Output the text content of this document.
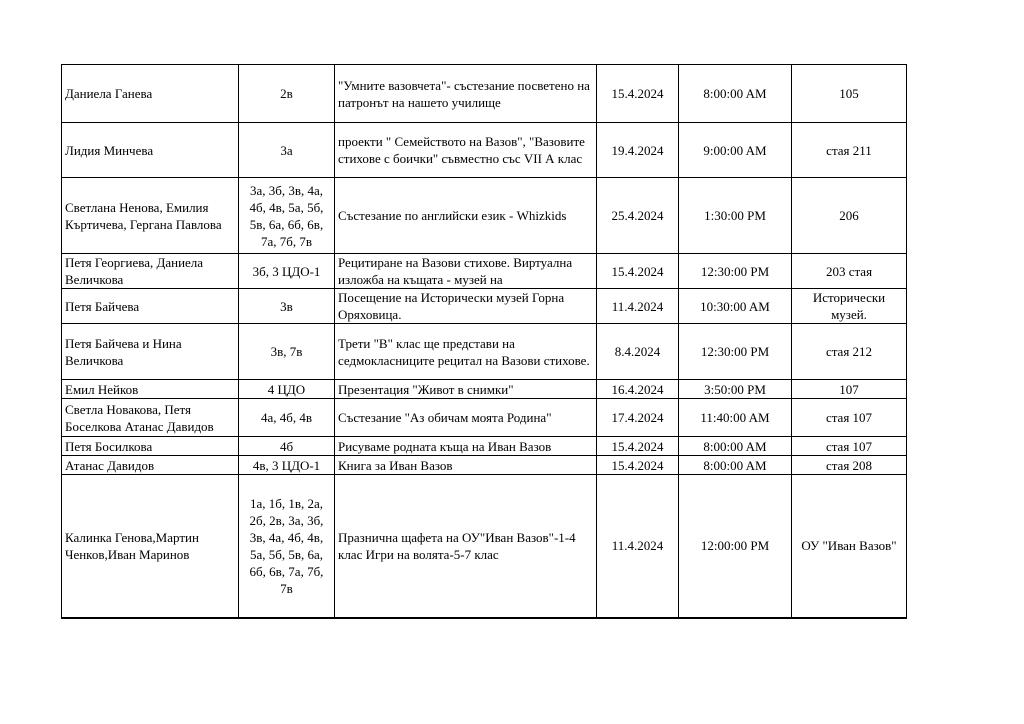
Даниела Ганева	2в	"Умните вазовчета"- състезание посветено на патронът на нашето училище	15.4.2024	8:00:00 AM	105
Лидия Минчева	3а	проекти " Семейството на Вазов", "Вазовите стихове с боички" съвместно със VII А клас	19.4.2024	9:00:00 AM	стая 211
Светлана Ненова, Емилия Къртичева, Гергана Павлова	3а, 3б, 3в, 4а, 4б, 4в, 5а, 5б, 5в, 6а, 6б, 6в, 7а, 7б, 7в	Състезание по английски език - Whizkids	25.4.2024	1:30:00 PM	206
Петя Георгиева, Даниела Величкова	3б, 3 ЦДО-1	Рецитиране на Вазови стихове. Виртуална изложба на къщата - музей на	15.4.2024	12:30:00 PM	203 стая
Петя Байчева	3в	Посещение на Исторически музей Горна Оряховица.	11.4.2024	10:30:00 AM	Исторически музей.
Петя Байчева и Нина Величкова	3в, 7в	Трети "В" клас ще представи на седмокласниците рецитал на Вазови стихове.	8.4.2024	12:30:00 PM	стая 212
Емил Нейков	4 ЦДО	Презентация "Живот в снимки"	16.4.2024	3:50:00 PM	107
Светла Новакова, Петя Боселкова Атанас Давидов	4а, 4б, 4в	Състезание "Аз обичам моята Родина"	17.4.2024	11:40:00 AM	стая 107
Петя Босилкова	4б	Рисуваме родната къща на Иван Вазов	15.4.2024	8:00:00 AM	стая 107
Атанас Давидов	4в, 3 ЦДО-1	Книга за Иван Вазов	15.4.2024	8:00:00 AM	стая 208
Калинка Генова,Мартин Ченков,Иван Маринов	1а, 1б, 1в, 2а, 2б, 2в, 3а, 3б, 3в, 4а, 4б, 4в, 5а, 5б, 5в, 6а, 6б, 6в, 7а, 7б, 7в	Празнична щафета на ОУ"Иван Вазов"-1-4 клас Игри на волята-5-7 клас	11.4.2024	12:00:00 PM	ОУ "Иван Вазов"
